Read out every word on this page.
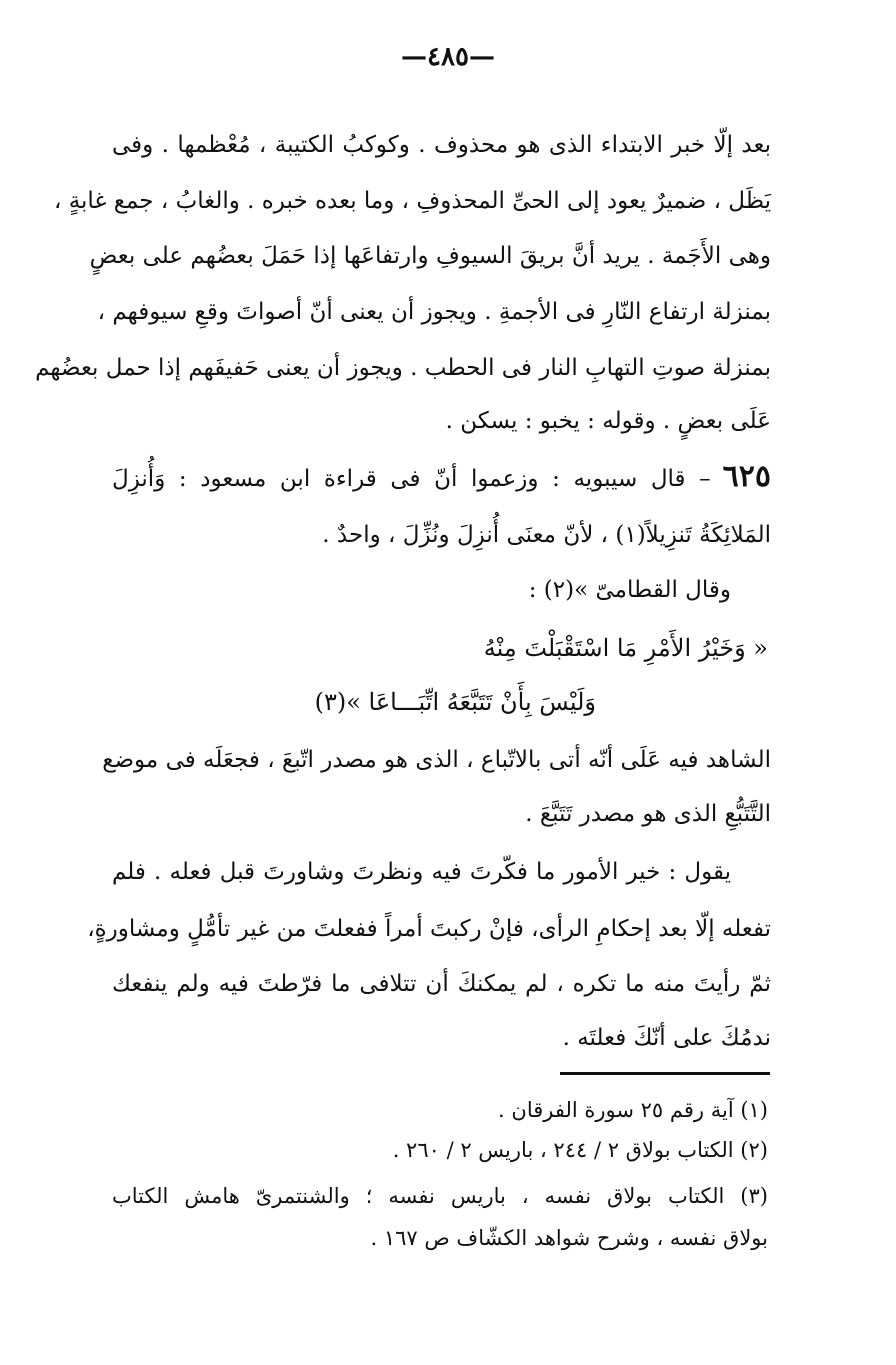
—٤٨٥—
بعد إلّا خبر الابتداء الذى هو محذوف . وكوكبُ الكتيبة ، مُعْظمها . وفى
يَظَل ، ضميرٌ يعود إلى الحىِّ المحذوفِ ، وما بعده خبره . والغابُ ، جمع غابةٍ ،
وهى الأَجَمة . يريد أنَّ بريقَ السيوفِ وارتفاعَها إذا حَمَلَ بعضُهم على بعضٍ
بمنزلة ارتفاع النّارِ فى الأجمةِ . ويجوز أن يعنى أنّ أصواتَ وقعِ سيوفهم ،
بمنزلة صوتِ التهابِ النار فى الحطب . ويجوز أن يعنى حَفيفَهم إذا حمل بعضُهم
عَلَى بعضٍ . وقوله : يخبو : يسكن .
٦٢٥– قال سيبويه : وزعموا أنّ فى قراءة ابن مسعود : وَأُنزِلَ
المَلائِكَةُ تَنزِيلاً(١) ، لأنّ معنَى أُنزِلَ ونُزِّلَ ، واحدٌ .
وقال القطامىّ »(٢) :
« وَخَيْرُ الأَمْرِ مَا اسْتَقْبَلْتَ مِنْهُ
وَلَيْسَ بِأَنْ تَتَبَّعَهُ اتِّبَـــاعَا »(٣)
الشاهد فيه عَلَى أنّه أتى بالاتّباع ، الذى هو مصدر اتّبعَ ، فجعَلَه فى موضع
التَّتَبُّعِ الذى هو مصدر تَتَبَّعَ .
يقول : خير الأمور ما فكّرتَ فيه ونظرتَ وشاورتَ قبل فعله . فلم
تفعله إلّا بعد إحكامِ الرأى، فإنْ ركبتَ أمراً ففعلتَ من غير تأمُّلٍ ومشاورةٍ،
ثمّ رأيتَ منه ما تكره ، لم يمكنكَ أن تتلافى ما فرّطتَ فيه ولم ينفعك
ندمُكَ على أنّكَ فعلتَه .
(١) آية رقم ٢٥ سورة الفرقان .
(٢) الكتاب بولاق ٢ / ٢٤٤ ، باريس ٢ / ٢٦٠ .
(٣) الكتاب بولاق نفسه ، باريس نفسه ؛ والشنتمرىّ هامش الكتاب
بولاق نفسه ، وشرح شواهد الكشّاف ص ١٦٧ .
